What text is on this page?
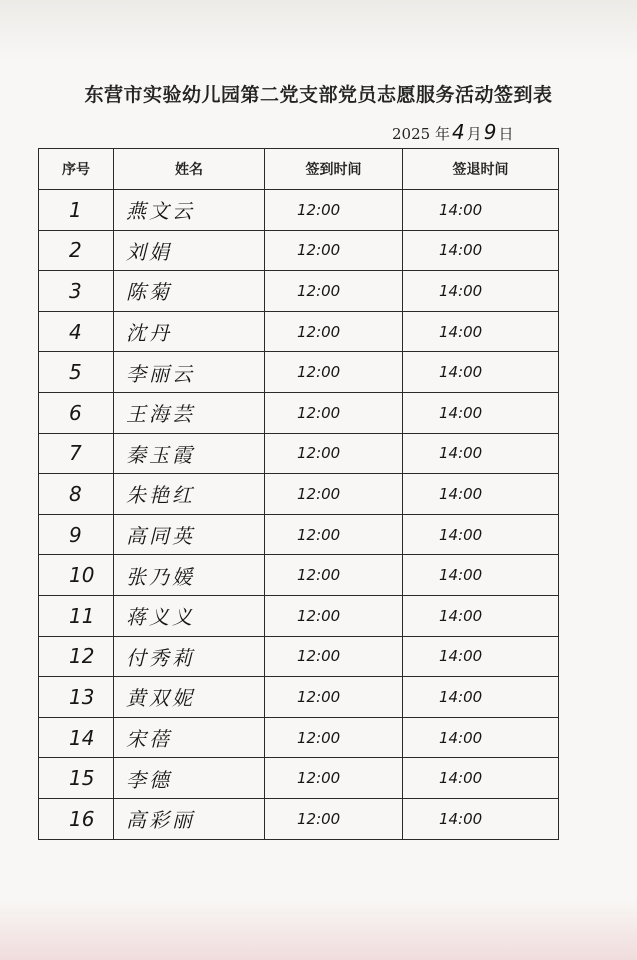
东营市实验幼儿园第二党支部党员志愿服务活动签到表
2025 年 4 月 9 日
序号	姓名	签到时间	签退时间
1	燕文云	12:00	14:00
2	刘娟	12:00	14:00
3	陈菊	12:00	14:00
4	沈丹	12:00	14:00
5	李丽云	12:00	14:00
6	王海芸	12:00	14:00
7	秦玉霞	12:00	14:00
8	朱艳红	12:00	14:00
9	高同英	12:00	14:00
10	张乃媛	12:00	14:00
11	蒋义义	12:00	14:00
12	付秀莉	12:00	14:00
13	黄双妮	12:00	14:00
14	宋蓓	12:00	14:00
15	李德	12:00	14:00
16	高彩丽	12:00	14:00
